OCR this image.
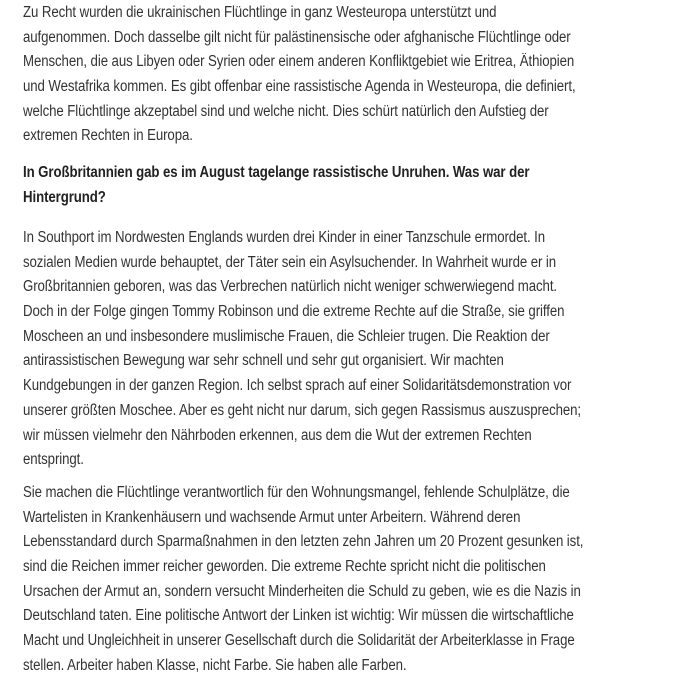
Zu Recht wurden die ukrainischen Flüchtlinge in ganz Westeuropa unterstützt und
aufgenommen. Doch dasselbe gilt nicht für palästinensische oder afghanische Flüchtlinge oder
Menschen, die aus Libyen oder Syrien oder einem anderen Konfliktgebiet wie Eritrea, Äthiopien
und Westafrika kommen. Es gibt offenbar eine rassistische Agenda in Westeuropa, die definiert,
welche Flüchtlinge akzeptabel sind und welche nicht. Dies schürt natürlich den Aufstieg der
extremen Rechten in Europa.
In Großbritannien gab es im August tagelange rassistische Unruhen. Was war der
Hintergrund?
In Southport im Nordwesten Englands wurden drei Kinder in einer Tanzschule ermordet. In
sozialen Medien wurde behauptet, der Täter sein ein Asylsuchender. In Wahrheit wurde er in
Großbritannien geboren, was das Verbrechen natürlich nicht weniger schwerwiegend macht.
Doch in der Folge gingen Tommy Robinson und die extreme Rechte auf die Straße, sie griffen
Moscheen an und insbesondere muslimische Frauen, die Schleier trugen. Die Reaktion der
antirassistischen Bewegung war sehr schnell und sehr gut organisiert. Wir machten
Kundgebungen in der ganzen Region. Ich selbst sprach auf einer Solidaritätsdemonstration vor
unserer größten Moschee. Aber es geht nicht nur darum, sich gegen Rassismus auszusprechen;
wir müssen vielmehr den Nährboden erkennen, aus dem die Wut der extremen Rechten
entspringt.
Sie machen die Flüchtlinge verantwortlich für den Wohnungsmangel, fehlende Schulplätze, die
Wartelisten in Krankenhäusern und wachsende Armut unter Arbeitern. Während deren
Lebensstandard durch Sparmaßnahmen in den letzten zehn Jahren um 20 Prozent gesunken ist,
sind die Reichen immer reicher geworden. Die extreme Rechte spricht nicht die politischen
Ursachen der Armut an, sondern versucht Minderheiten die Schuld zu geben, wie es die Nazis in
Deutschland taten. Eine politische Antwort der Linken ist wichtig: Wir müssen die wirtschaftliche
Macht und Ungleichheit in unserer Gesellschaft durch die Solidarität der Arbeiterklasse in Frage
stellen. Arbeiter haben Klasse, nicht Farbe. Sie haben alle Farben.
